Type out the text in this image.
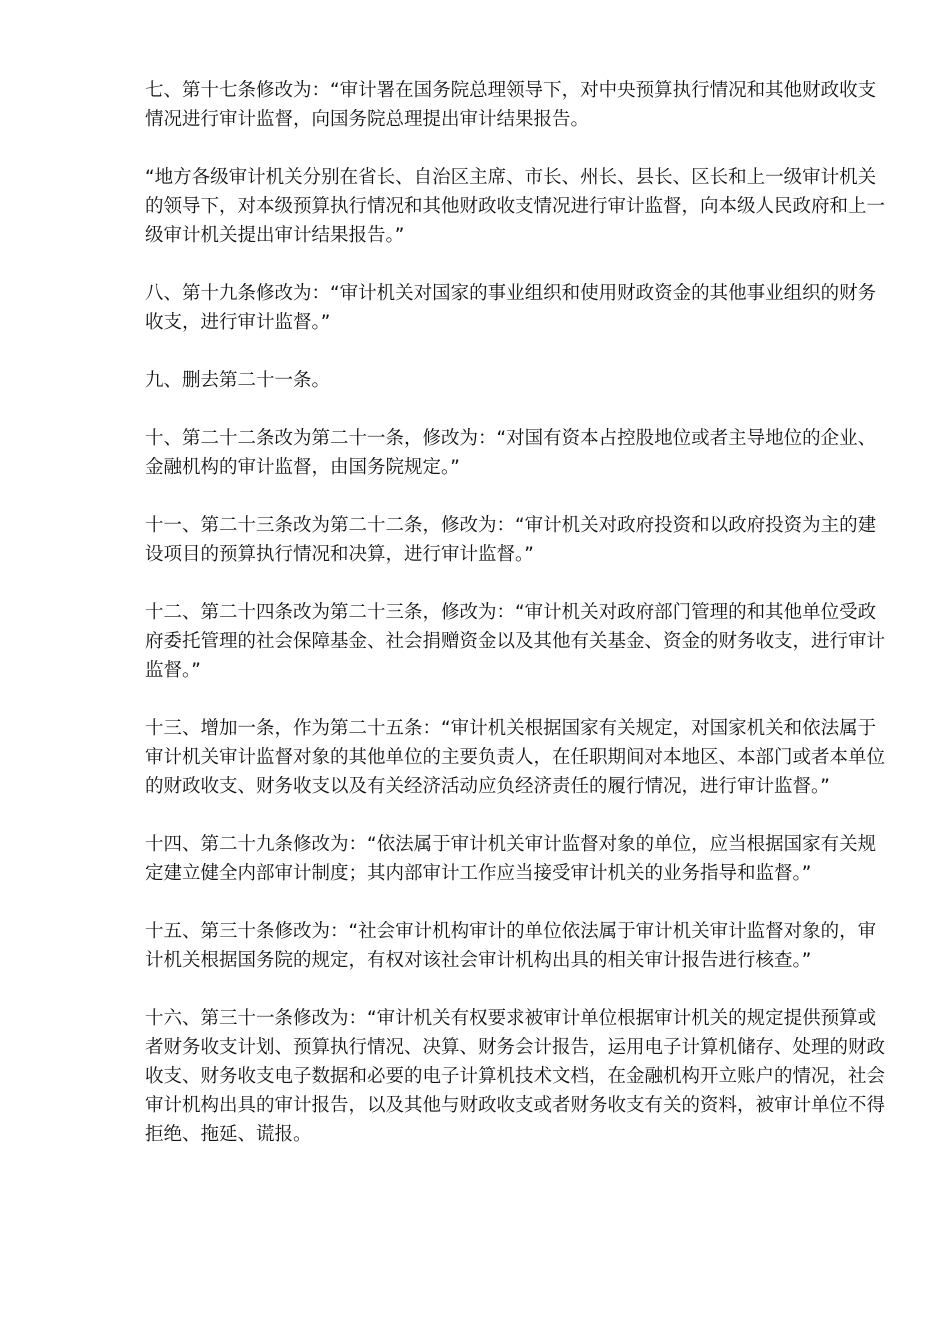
七、第十七条修改为：“审计署在国务院总理领导下，对中央预算执行情况和其他财政收支情况进行审计监督，向国务院总理提出审计结果报告。

“地方各级审计机关分别在省长、自治区主席、市长、州长、县长、区长和上一级审计机关的领导下，对本级预算执行情况和其他财政收支情况进行审计监督，向本级人民政府和上一级审计机关提出审计结果报告。”

八、第十九条修改为：“审计机关对国家的事业组织和使用财政资金的其他事业组织的财务收支，进行审计监督。”

九、删去第二十一条。

十、第二十二条改为第二十一条，修改为：“对国有资本占控股地位或者主导地位的企业、金融机构的审计监督，由国务院规定。”

十一、第二十三条改为第二十二条，修改为：“审计机关对政府投资和以政府投资为主的建设项目的预算执行情况和决算，进行审计监督。”

十二、第二十四条改为第二十三条，修改为：“审计机关对政府部门管理的和其他单位受政府委托管理的社会保障基金、社会捐赠资金以及其他有关基金、资金的财务收支，进行审计监督。”

十三、增加一条，作为第二十五条：“审计机关根据国家有关规定，对国家机关和依法属于审计机关审计监督对象的其他单位的主要负责人，在任职期间对本地区、本部门或者本单位的财政收支、财务收支以及有关经济活动应负经济责任的履行情况，进行审计监督。”

十四、第二十九条修改为：“依法属于审计机关审计监督对象的单位，应当根据国家有关规定建立健全内部审计制度；其内部审计工作应当接受审计机关的业务指导和监督。”

十五、第三十条修改为：“社会审计机构审计的单位依法属于审计机关审计监督对象的，审计机关根据国务院的规定，有权对该社会审计机构出具的相关审计报告进行核查。”

十六、第三十一条修改为：“审计机关有权要求被审计单位根据审计机关的规定提供预算或者财务收支计划、预算执行情况、决算、财务会计报告，运用电子计算机储存、处理的财政收支、财务收支电子数据和必要的电子计算机技术文档，在金融机构开立账户的情况，社会审计机构出具的审计报告，以及其他与财政收支或者财务收支有关的资料，被审计单位不得拒绝、拖延、谎报。
